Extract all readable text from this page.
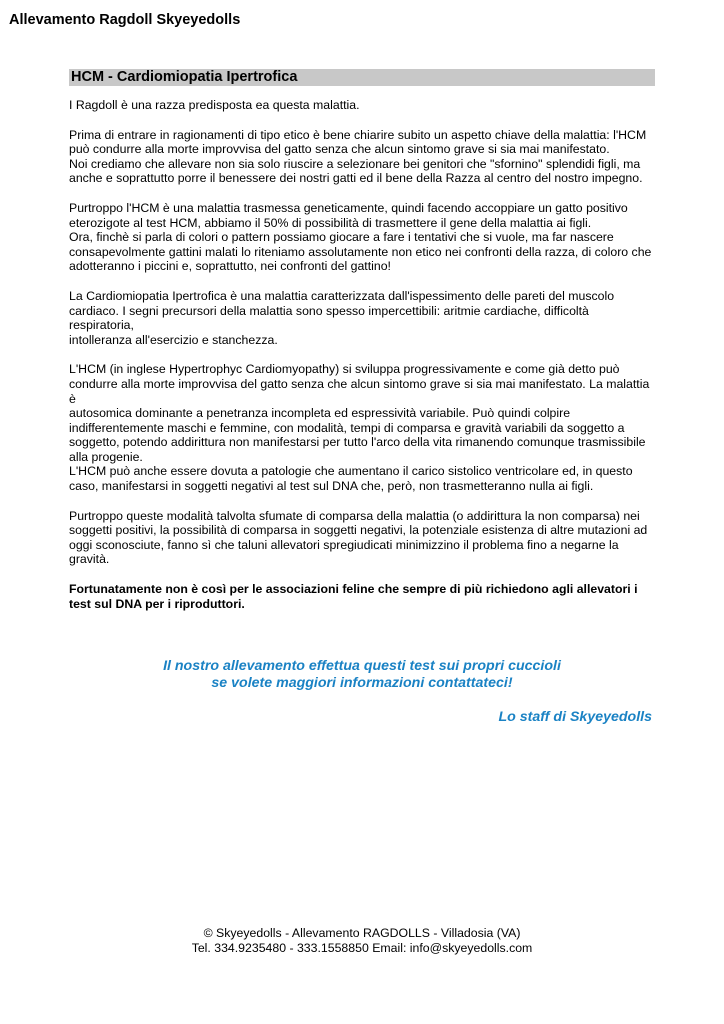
Allevamento Ragdoll Skyeyedolls
HCM - Cardiomiopatia Ipertrofica

I Ragdoll è una razza predisposta ea questa malattia.

Prima di entrare in ragionamenti di tipo etico è bene chiarire subito un aspetto chiave della malattia: l'HCM
può condurre alla morte improvvisa del gatto senza che alcun sintomo grave si sia mai manifestato.
Noi crediamo che allevare non sia solo riuscire a selezionare bei genitori che "sfornino" splendidi figli, ma
anche e soprattutto porre il benessere dei nostri gatti ed il bene della Razza al centro del nostro impegno.

Purtroppo l'HCM è una malattia trasmessa geneticamente, quindi facendo accoppiare un gatto positivo
eterozigote al test HCM, abbiamo il 50% di possibilità di trasmettere il gene della malattia ai figli.
Ora, finchè si parla di colori o pattern possiamo giocare a fare i tentativi che si vuole, ma far nascere
consapevolmente gattini malati lo riteniamo assolutamente non etico nei confronti della razza, di coloro che
adotteranno i piccini e, soprattutto, nei confronti del gattino!

La Cardiomiopatia Ipertrofica è una malattia caratterizzata dall'ispessimento delle pareti del muscolo
cardiaco. I segni precursori della malattia sono spesso impercettibili: aritmie cardiache, difficoltà respiratoria,
intolleranza all'esercizio e stanchezza.

L'HCM (in inglese Hypertrophyc Cardiomyopathy) si sviluppa progressivamente e come già detto può
condurre alla morte improvvisa del gatto senza che alcun sintomo grave si sia mai manifestato. La malattia è
autosomica dominante a penetranza incompleta ed espressività variabile. Può quindi colpire
indifferentemente maschi e femmine, con modalità, tempi di comparsa e gravità variabili da soggetto a
soggetto, potendo addirittura non manifestarsi per tutto l'arco della vita rimanendo comunque trasmissibile
alla progenie.
L'HCM può anche essere dovuta a patologie che aumentano il carico sistolico ventricolare ed, in questo
caso, manifestarsi in soggetti negativi al test sul DNA che, però, non trasmetteranno nulla ai figli.

Purtroppo queste modalità talvolta sfumate di comparsa della malattia (o addirittura la non comparsa) nei
soggetti positivi, la possibilità di comparsa in soggetti negativi, la potenziale esistenza di altre mutazioni ad
oggi sconosciute, fanno sì che taluni allevatori spregiudicati minimizzino il problema fino a negarne la
gravità.

Fortunatamente non è così per le associazioni feline che sempre di più richiedono agli allevatori i
test sul DNA per i riproduttori.

Il nostro allevamento effettua questi test sui propri cuccioli
se volete maggiori informazioni contattateci!
Lo staff di Skyeyedolls
© Skyeyedolls - Allevamento RAGDOLLS - Villadosia (VA)
Tel. 334.9235480 - 333.1558850 Email: info@skyeyedolls.com
